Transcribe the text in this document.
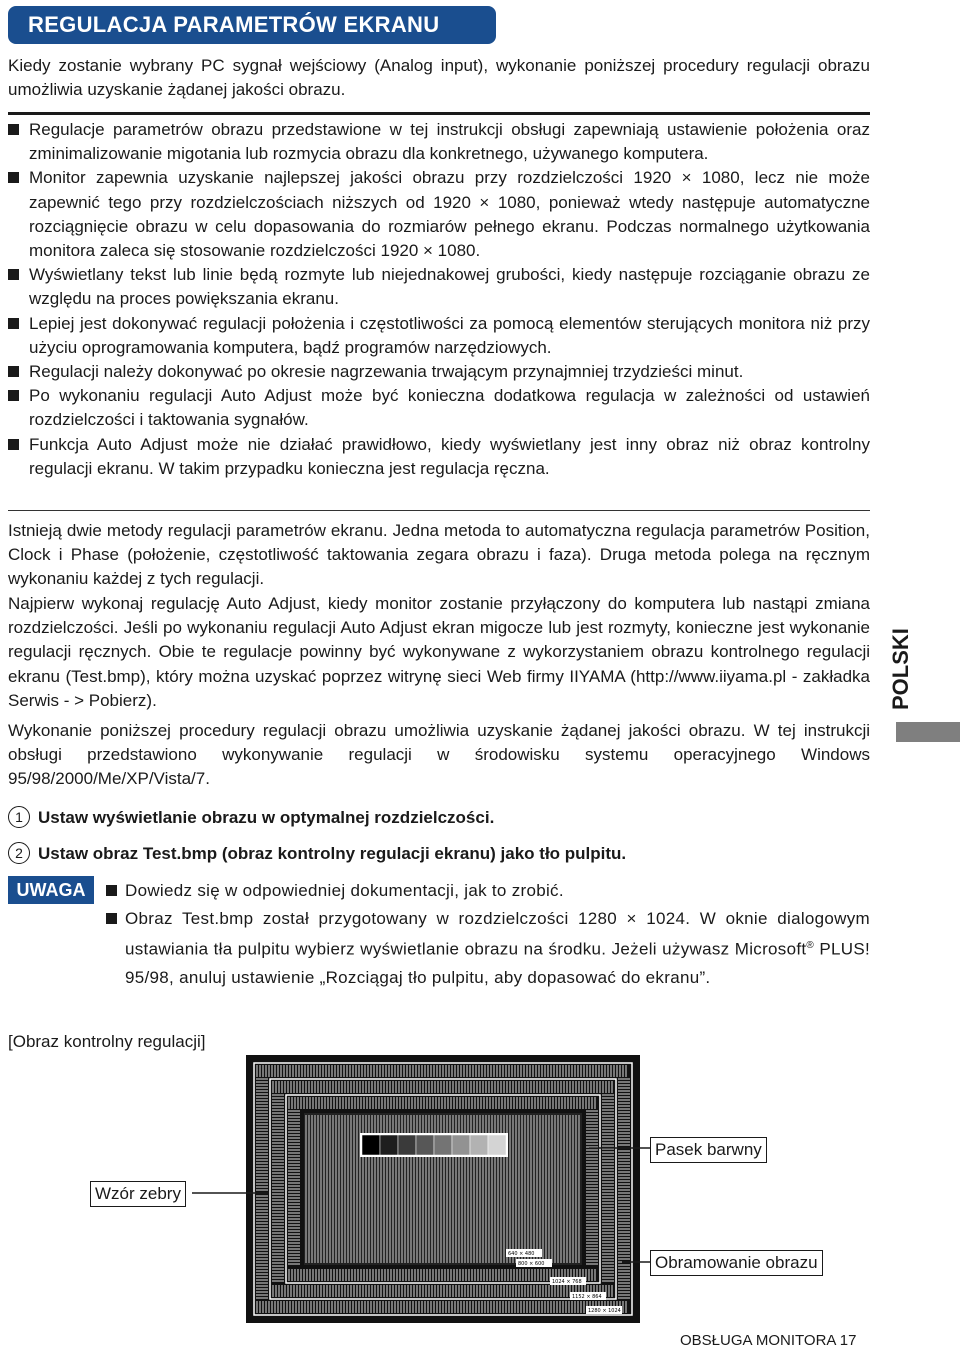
REGULACJA PARAMETRÓW EKRANU

Kiedy zostanie wybrany PC sygnał wejściowy (Analog input), wykonanie poniższej procedury regulacji obrazu umożliwia uzyskanie żądanej jakości obrazu.

Regulacje parametrów obrazu przedstawione w tej instrukcji obsługi zapewniają ustawienie położenia oraz zminimalizowanie migotania lub rozmycia obrazu dla konkretnego, używanego komputera.
Monitor zapewnia uzyskanie najlepszej jakości obrazu przy rozdzielczości 1920 × 1080, lecz nie może zapewnić tego przy rozdzielczościach niższych od 1920 × 1080, ponieważ wtedy następuje automatyczne rozciągnięcie obrazu w celu dopasowania do rozmiarów pełnego ekranu. Podczas normalnego użytkowania monitora zaleca się stosowanie rozdzielczości 1920 × 1080.
Wyświetlany tekst lub linie będą rozmyte lub niejednakowej grubości, kiedy następuje rozciąganie obrazu ze względu na proces powiększania ekranu.
Lepiej jest dokonywać regulacji położenia i częstotliwości za pomocą elementów sterujących monitora niż przy użyciu oprogramowania komputera, bądź programów narzędziowych.
Regulacji należy dokonywać po okresie nagrzewania trwającym przynajmniej trzydzieści minut.
Po wykonaniu regulacji Auto Adjust może być konieczna dodatkowa regulacja w zależności od ustawień rozdzielczości i taktowania sygnałów.
Funkcja Auto Adjust może nie działać prawidłowo, kiedy wyświetlany jest inny obraz niż obraz kontrolny regulacji ekranu. W takim przypadku konieczna jest regulacja ręczna.

Istnieją dwie metody regulacji parametrów ekranu. Jedna metoda to automatyczna regulacja parametrów Position, Clock i Phase (położenie, częstotliwość taktowania zegara obrazu i faza). Druga metoda polega na ręcznym wykonaniu każdej z tych regulacji.

Najpierw wykonaj regulację Auto Adjust, kiedy monitor zostanie przyłączony do komputera lub nastąpi zmiana rozdzielczości. Jeśli po wykonaniu regulacji Auto Adjust ekran migocze lub jest rozmyty, konieczne jest wykonanie regulacji ręcznych. Obie te regulacje powinny być wykonywane z wykorzystaniem obrazu kontrolnego regulacji ekranu (Test.bmp), który można uzyskać poprzez witrynę sieci Web firmy IIYAMA (http://www.iiyama.pl - zakładka Serwis - > Pobierz).

Wykonanie poniższej procedury regulacji obrazu umożliwia uzyskanie żądanej jakości obrazu. W tej instrukcji obsługi przedstawiono wykonywanie regulacji w środowisku systemu operacyjnego Windows 95/98/2000/Me/XP/Vista/7.

1 Ustaw wyświetlanie obrazu w optymalnej rozdzielczości.
2 Ustaw obraz Test.bmp (obraz kontrolny regulacji ekranu) jako tło pulpitu.
UWAGA	Dowiedz się w odpowiedniej dokumentacji, jak to zrobić.
Obraz Test.bmp został przygotowany w rozdzielczości 1280 × 1024. W oknie dialogowym ustawiania tła pulpitu wybierz wyświetlanie obrazu na środku. Jeżeli używasz Microsoft® PLUS! 95/98, anuluj ustawienie „Rozciągaj tło pulpitu, aby dopasować do ekranu”.
[Obraz kontrolny regulacji]
640 × 480
800 × 600
1024 × 768
1152 × 864
1280 × 1024
Pasek barwny
Wzór zebry
Obramowanie obrazu
POLSKI
OBSŁUGA MONITORA 17
